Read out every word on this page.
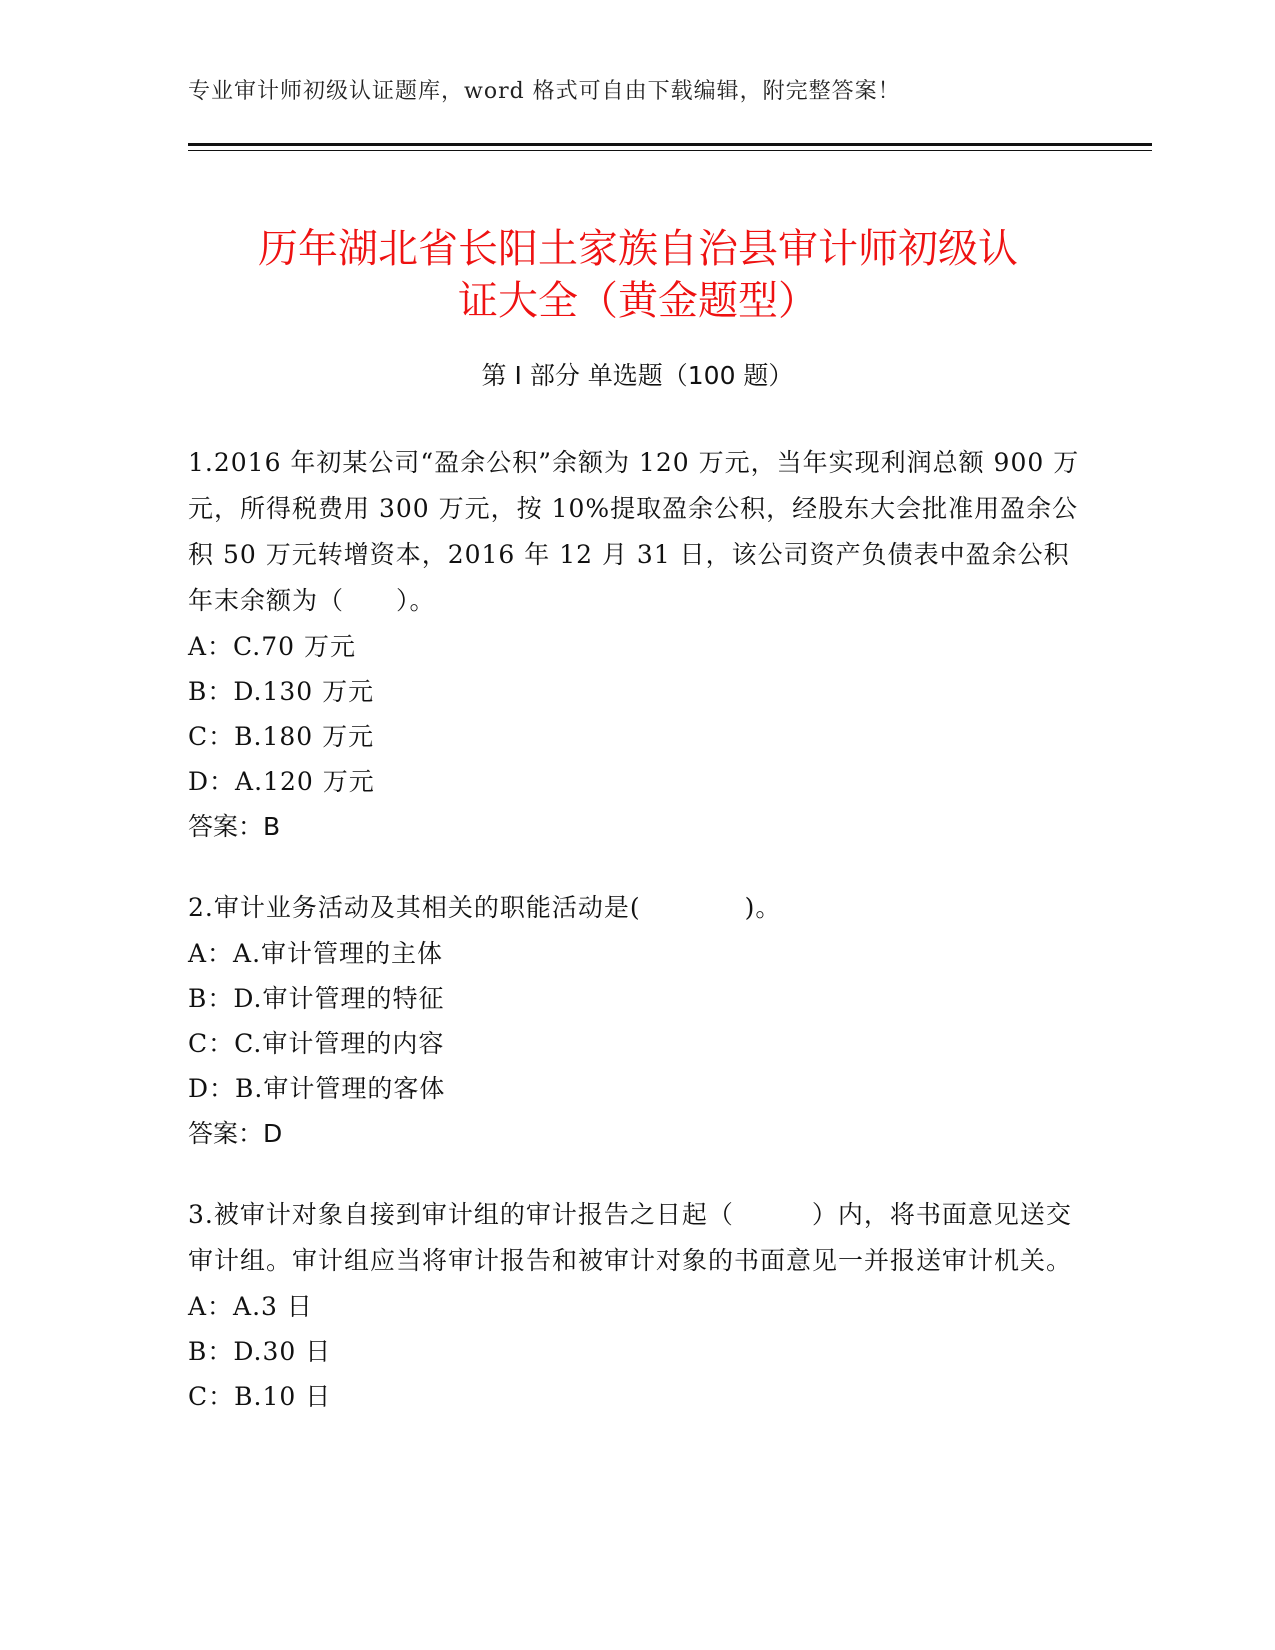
专业审计师初级认证题库，word 格式可自由下载编辑，附完整答案！
历年湖北省长阳土家族自治县审计师初级认
证大全（黄金题型）
第 I 部分 单选题（100 题）

1.2016 年初某公司“盈余公积”余额为 120 万元，当年实现利润总额 900 万元，所得税费用 300 万元，按 10%提取盈余公积，经股东大会批准用盈余公积 50 万元转增资本，2016 年 12 月 31 日，该公司资产负债表中盈余公积年末余额为（　　）。

A：C.70 万元

B：D.130 万元

C：B.180 万元

D：A.120 万元

答案：B

2.审计业务活动及其相关的职能活动是(　　　　)。

A：A.审计管理的主体

B：D.审计管理的特征

C：C.审计管理的内容

D：B.审计管理的客体

答案：D

3.被审计对象自接到审计组的审计报告之日起（　　　）内，将书面意见送交审计组。审计组应当将审计报告和被审计对象的书面意见一并报送审计机关。

A：A.3 日

B：D.30 日

C：B.10 日
